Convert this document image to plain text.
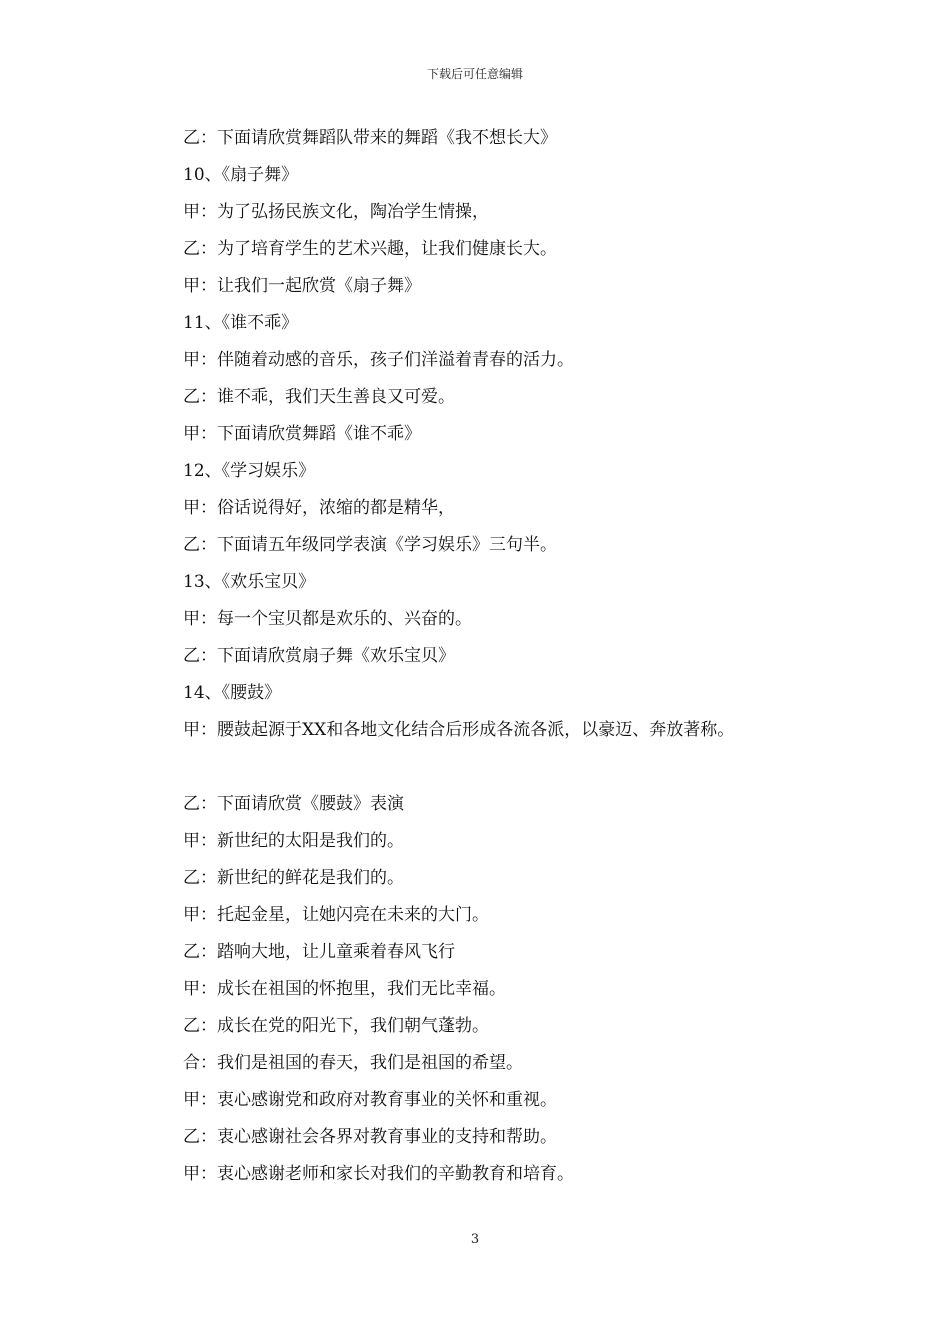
下载后可任意编辑
乙：下面请欣赏舞蹈队带来的舞蹈《我不想长大》
10、《扇子舞》
甲：为了弘扬民族文化，陶冶学生情操，
乙：为了培育学生的艺术兴趣，让我们健康长大。
甲：让我们一起欣赏《扇子舞》
11、《谁不乖》
甲：伴随着动感的音乐，孩子们洋溢着青春的活力。
乙：谁不乖，我们天生善良又可爱。
甲：下面请欣赏舞蹈《谁不乖》
12、《学习娱乐》
甲：俗话说得好，浓缩的都是精华，
乙：下面请五年级同学表演《学习娱乐》三句半。
13、《欢乐宝贝》
甲：每一个宝贝都是欢乐的、兴奋的。
乙：下面请欣赏扇子舞《欢乐宝贝》
14、《腰鼓》
甲：腰鼓起源于XX和各地文化结合后形成各流各派，以豪迈、奔放著称。
乙：下面请欣赏《腰鼓》表演
甲：新世纪的太阳是我们的。
乙：新世纪的鲜花是我们的。
甲：托起金星，让她闪亮在未来的大门。
乙：踏响大地，让儿童乘着春风飞行
甲：成长在祖国的怀抱里，我们无比幸福。
乙：成长在党的阳光下，我们朝气蓬勃。
合：我们是祖国的春天，我们是祖国的希望。
甲：衷心感谢党和政府对教育事业的关怀和重视。
乙：衷心感谢社会各界对教育事业的支持和帮助。
甲：衷心感谢老师和家长对我们的辛勤教育和培育。
3
